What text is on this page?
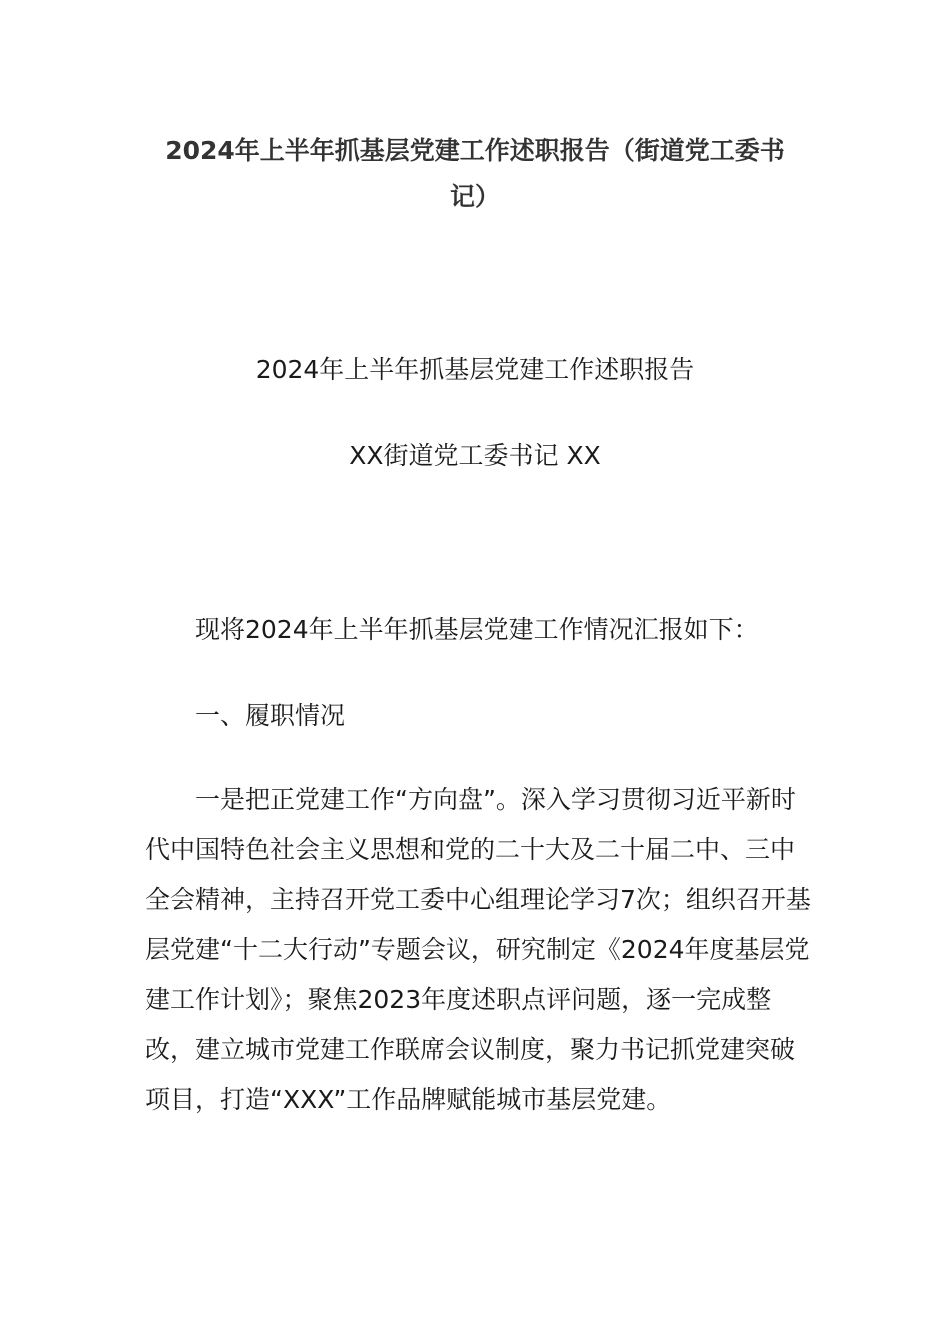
2024年上半年抓基层党建工作述职报告（街道党工委书记）
2024年上半年抓基层党建工作述职报告
XX街道党工委书记 XX

现将2024年上半年抓基层党建工作情况汇报如下：

一、履职情况

一是把正党建工作“方向盘”。深入学习贯彻习近平新时代中国特色社会主义思想和党的二十大及二十届二中、三中全会精神，主持召开党工委中心组理论学习7次；组织召开基层党建“十二大行动”专题会议，研究制定《2024年度基层党建工作计划》；聚焦2023年度述职点评问题，逐一完成整改，建立城市党建工作联席会议制度，聚力书记抓党建突破项目，打造“XXX”工作品牌赋能城市基层党建。
